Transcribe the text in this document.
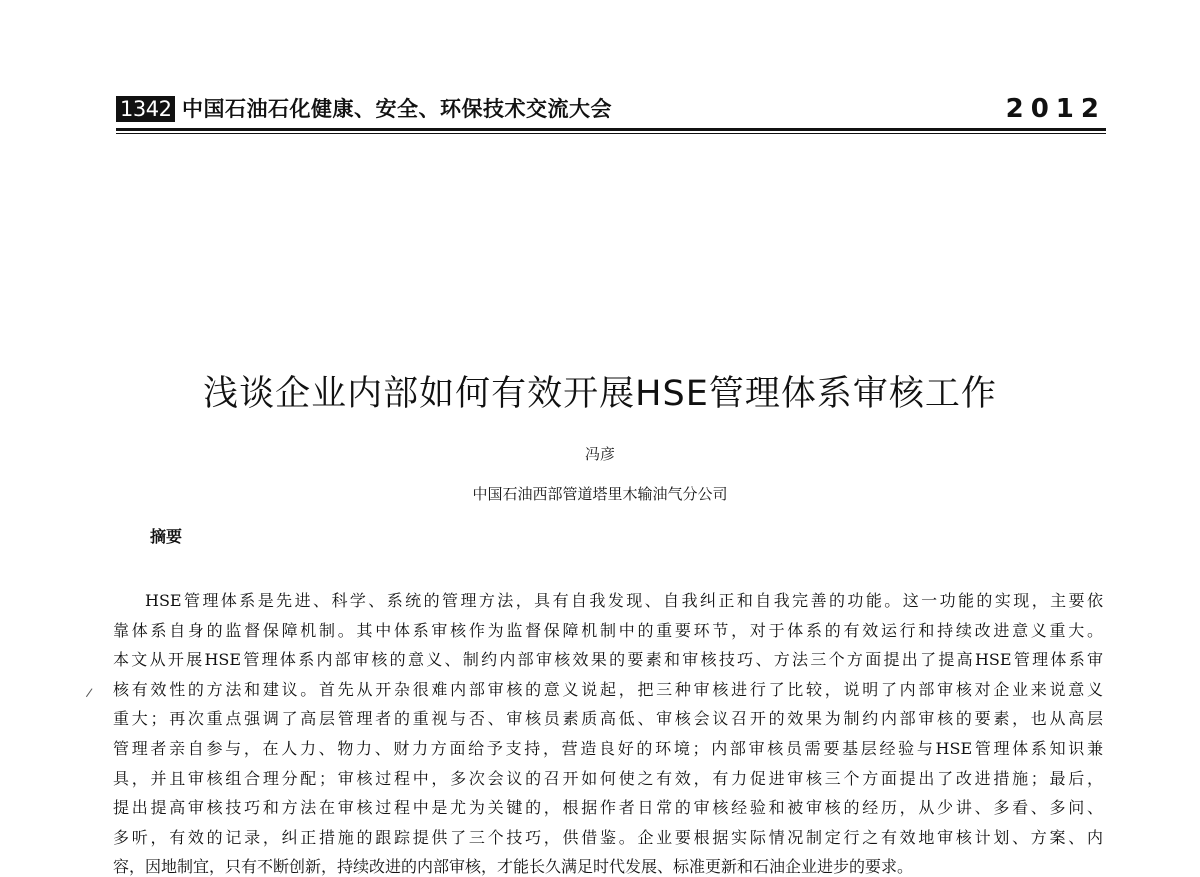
1342 中国石油石化健康、安全、环保技术交流大会	2012
浅谈企业内部如何有效开展HSE管理体系审核工作
冯彦
中国石油西部管道塔里木输油气分公司
摘要
HSE管理体系是先进、科学、系统的管理方法，具有自我发现、自我纠正和自我完善的功能。这一功能的实现，主要依
靠体系自身的监督保障机制。其中体系审核作为监督保障机制中的重要环节，对于体系的有效运行和持续改进意义重大。
本文从开展HSE管理体系内部审核的意义、制约内部审核效果的要素和审核技巧、方法三个方面提出了提高HSE管理体系审
核有效性的方法和建议。首先从开杂很难内部审核的意义说起，把三种审核进行了比较，说明了内部审核对企业来说意义
重大；再次重点强调了高层管理者的重视与否、审核员素质高低、审核会议召开的效果为制约内部审核的要素，也从高层
管理者亲自参与，在人力、物力、财力方面给予支持，营造良好的环境；内部审核员需要基层经验与HSE管理体系知识兼
具，并且审核组合理分配；审核过程中，多次会议的召开如何使之有效，有力促进审核三个方面提出了改进措施；最后，
提出提高审核技巧和方法在审核过程中是尤为关键的，根据作者日常的审核经验和被审核的经历，从少讲、多看、多问、
多听，有效的记录，纠正措施的跟踪提供了三个技巧，供借鉴。企业要根据实际情况制定行之有效地审核计划、方案、内
容，因地制宜，只有不断创新，持续改进的内部审核，才能长久满足时代发展、标准更新和石油企业进步的要求。
